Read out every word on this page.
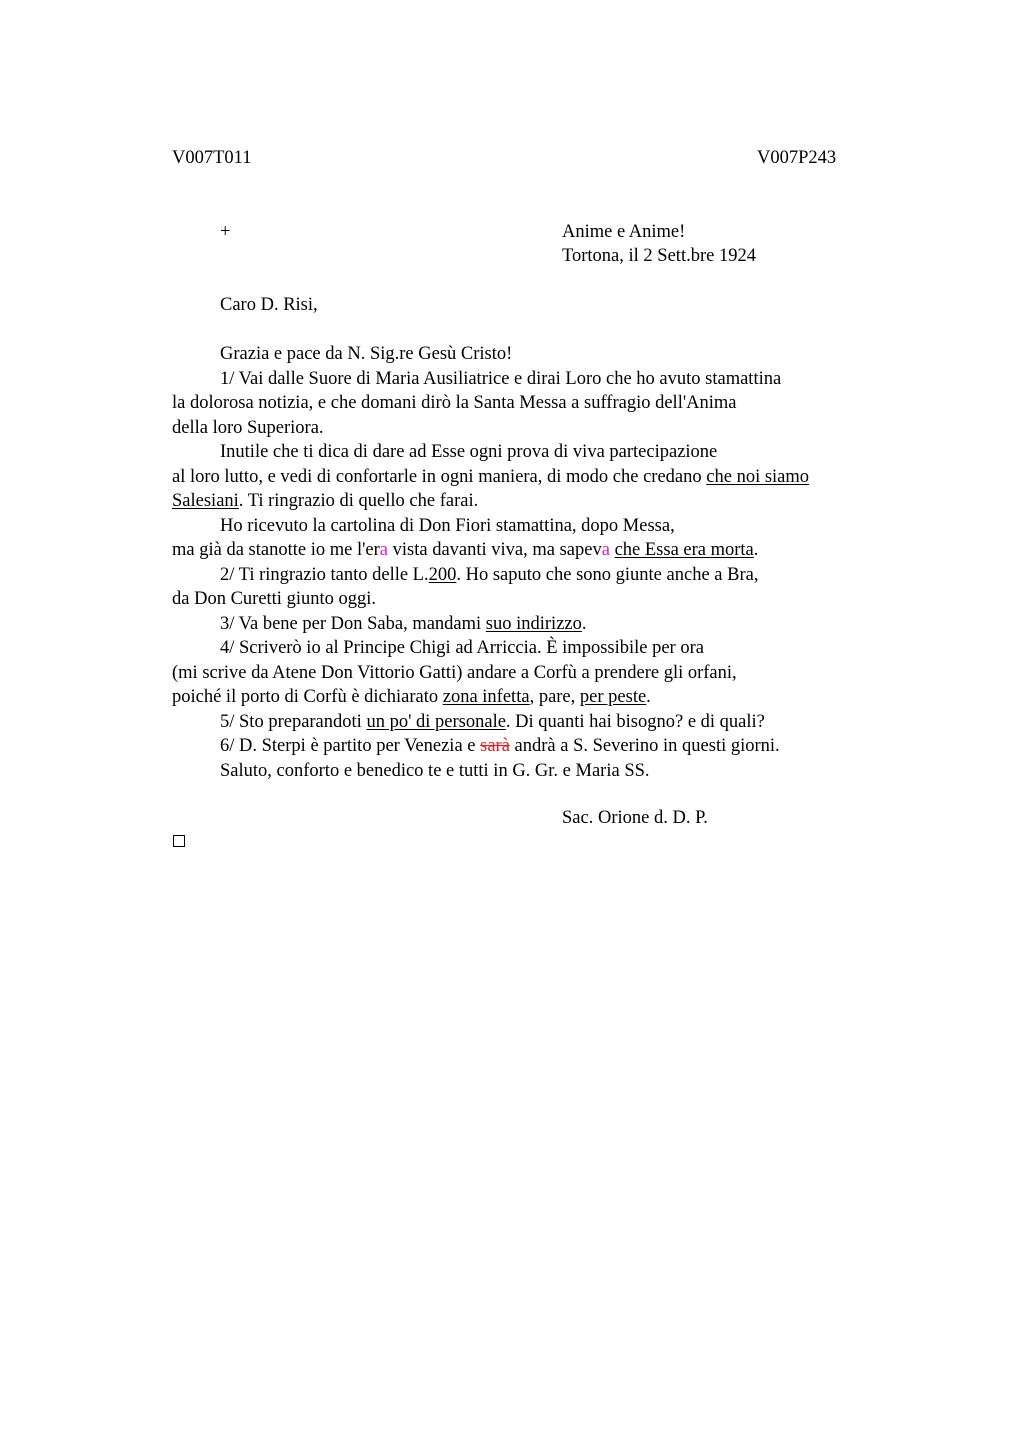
V007T011	V007P243
+	Anime e Anime!
Tortona, il 2 Sett.bre 1924
Caro D. Risi,
Grazia e pace da N. Sig.re Gesù Cristo!
1/ Vai dalle Suore di Maria Ausiliatrice e dirai Loro che ho avuto stamattina
la dolorosa notizia, e che domani dirò la Santa Messa a suffragio dell'Anima
della loro Superiora.
Inutile che ti dica di dare ad Esse ogni prova di viva partecipazione
al loro lutto, e vedi di confortarle in ogni maniera, di modo che credano che noi siamo
Salesiani. Ti ringrazio di quello che farai.
Ho ricevuto la cartolina di Don Fiori stamattina, dopo Messa,
ma già da stanotte io me l'era vista davanti viva, ma sapeva che Essa era morta.
2/ Ti ringrazio tanto delle L.200. Ho saputo che sono giunte anche a Bra,
da Don Curetti giunto oggi.
3/ Va bene per Don Saba, mandami suo indirizzo.
4/ Scriverò io al Principe Chigi ad Arriccia. È impossibile per ora
(mi scrive da Atene Don Vittorio Gatti) andare a Corfù a prendere gli orfani,
poiché il porto di Corfù è dichiarato zona infetta, pare, per peste.
5/ Sto preparandoti un po' di personale. Di quanti hai bisogno? e di quali?
6/ D. Sterpi è partito per Venezia e sarà andrà a S. Severino in questi giorni.
Saluto, conforto e benedico te e tutti in G. Gr. e Maria SS.
Sac. Orione d. D. P.
